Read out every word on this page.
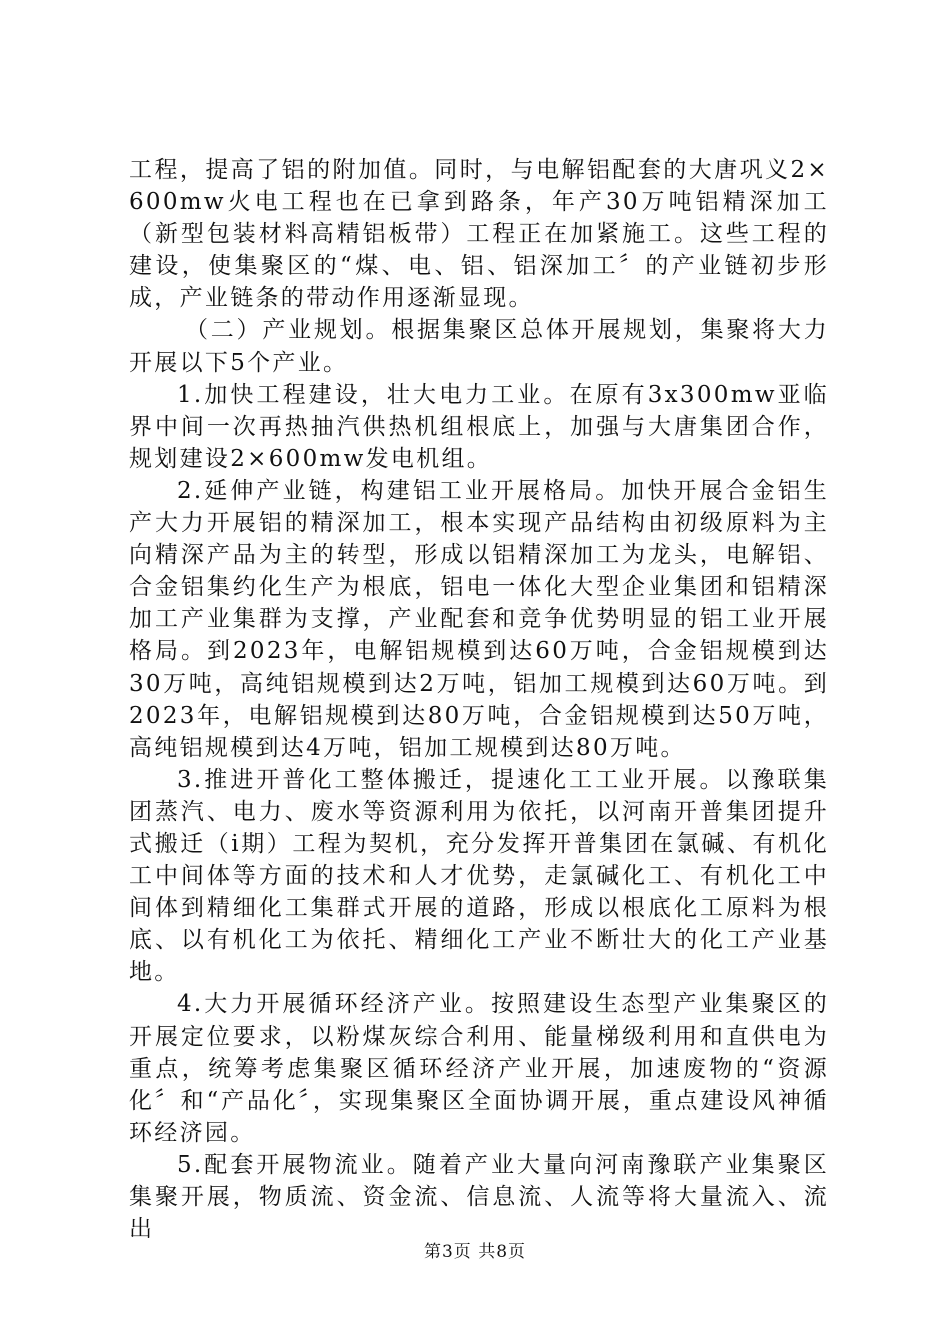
工程，提高了铝的附加值。同时，与电解铝配套的大唐巩义2×600mw火电工程也在已拿到路条，年产30万吨铝精深加工（新型包装材料高精铝板带）工程正在加紧施工。这些工程的建设，使集聚区的“煤、电、铝、铝深加工〞的产业链初步形成，产业链条的带动作用逐渐显现。

（二）产业规划。根据集聚区总体开展规划，集聚将大力开展以下5个产业。

1.加快工程建设，壮大电力工业。在原有3x300mw亚临界中间一次再热抽汽供热机组根底上，加强与大唐集团合作，规划建设2×600mw发电机组。

2.延伸产业链，构建铝工业开展格局。加快开展合金铝生产大力开展铝的精深加工，根本实现产品结构由初级原料为主向精深产品为主的转型，形成以铝精深加工为龙头，电解铝、合金铝集约化生产为根底，铝电一体化大型企业集团和铝精深加工产业集群为支撑，产业配套和竞争优势明显的铝工业开展格局。到2023年，电解铝规模到达60万吨，合金铝规模到达30万吨，高纯铝规模到达2万吨，铝加工规模到达60万吨。到2023年，电解铝规模到达80万吨，合金铝规模到达50万吨，高纯铝规模到达4万吨，铝加工规模到达80万吨。

3.推进开普化工整体搬迁，提速化工工业开展。以豫联集团蒸汽、电力、废水等资源利用为依托，以河南开普集团提升式搬迁（ⅰ期）工程为契机，充分发挥开普集团在氯碱、有机化工中间体等方面的技术和人才优势，走氯碱化工、有机化工中间体到精细化工集群式开展的道路，形成以根底化工原料为根底、以有机化工为依托、精细化工产业不断壮大的化工产业基地。

4.大力开展循环经济产业。按照建设生态型产业集聚区的开展定位要求，以粉煤灰综合利用、能量梯级利用和直供电为重点，统筹考虑集聚区循环经济产业开展，加速废物的“资源化〞和“产品化〞，实现集聚区全面协调开展，重点建设风神循环经济园。

5.配套开展物流业。随着产业大量向河南豫联产业集聚区集聚开展，物质流、资金流、信息流、人流等将大量流入、流出

第3页 共8页
